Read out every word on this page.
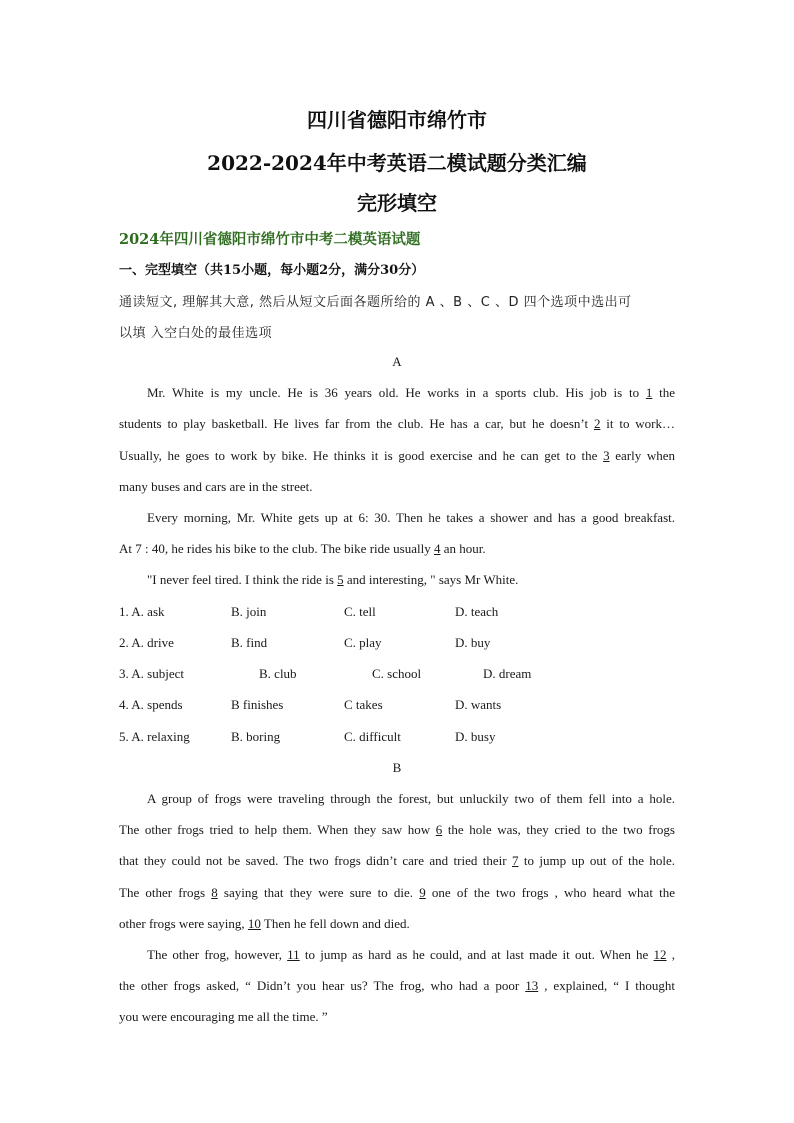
四川省德阳市绵竹市
2022-2024年中考英语二模试题分类汇编
完形填空
2024年四川省德阳市绵竹市中考二模英语试题
一、完型填空（共15小题，每小题2分，满分30分）
通读短文, 理解其大意, 然后从短文后面各题所给的 A 、B 、C 、D 四个选项中选出可
以填 入空白处的最佳选项
A
Mr. White is my uncle. He is 36 years old. He works in a sports club. His job is to 1 the
students to play basketball. He lives far from the club. He has a car, but he doesn’t 2 it to work…
Usually, he goes to work by bike. He thinks it is good exercise and he can get to the 3 early when
many buses and cars are in the street.
Every morning, Mr. White gets up at 6: 30. Then he takes a shower and has a good breakfast.
At 7 : 40, he rides his bike to the club. The bike ride usually 4 an hour.
"I never feel tired. I think the ride is 5 and interesting, " says Mr White.
1. A. ask	B. join	C. tell	D. teach
2. A. drive	B. find	C. play	D. buy
3. A. subject	B. club	C. school	D. dream
4. A. spends	B finishes	C takes	D. wants
5. A. relaxing	B. boring	C. difficult	D. busy
B
A group of frogs were traveling through the forest, but unluckily two of them fell into a hole.
The other frogs tried to help them. When they saw how 6 the hole was, they cried to the two frogs
that they could not be saved. The two frogs didn’t care and tried their 7 to jump up out of the hole.
The other frogs 8 saying that they were sure to die. 9 one of the two frogs , who heard what the
other frogs were saying, 10 Then he fell down and died.
The other frog, however, 11 to jump as hard as he could, and at last made it out. When he 12 ,
the other frogs asked, “ Didn’t you hear us? The frog, who had a poor 13 , explained, “ I thought
you were encouraging me all the time. ”
